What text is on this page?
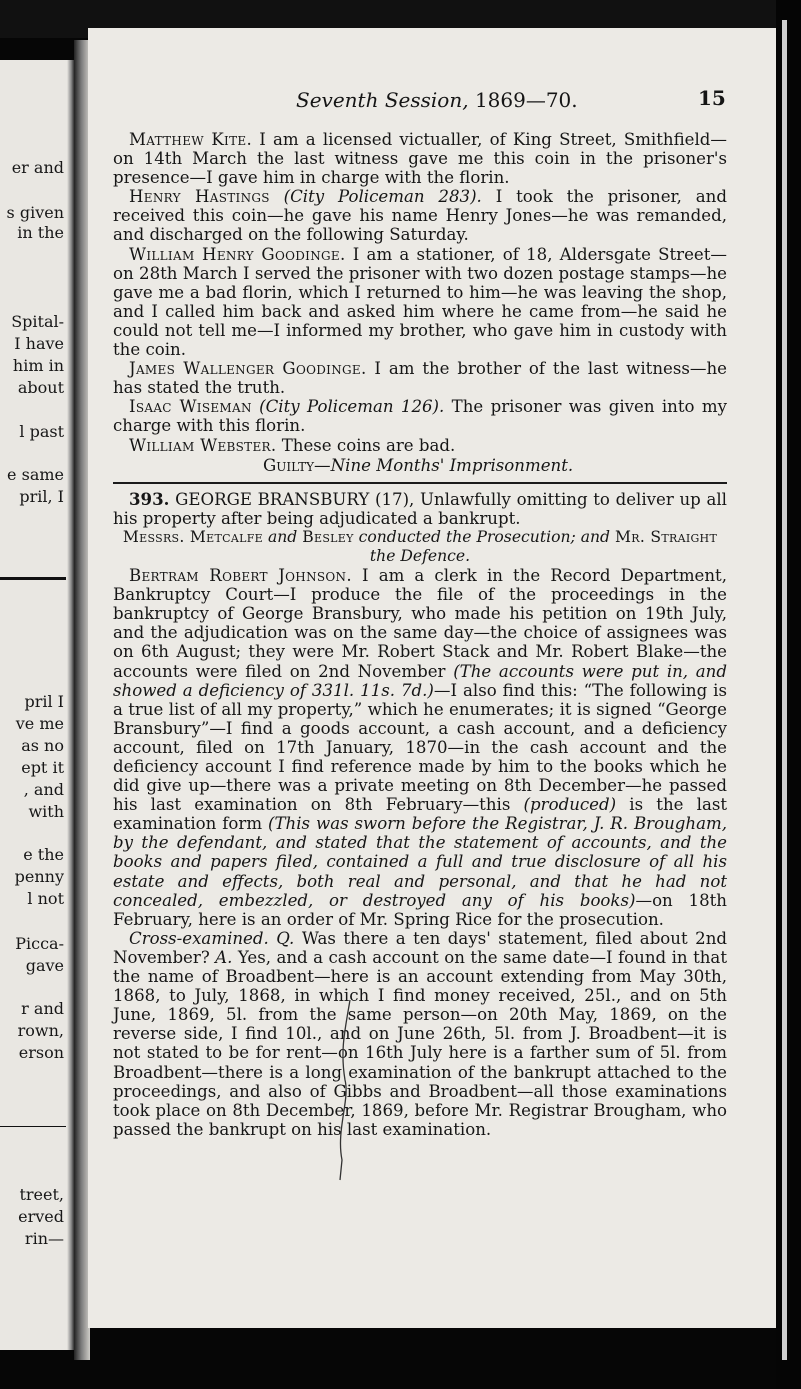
er and
s given
in the
Spital-
I have
him in
about
l past
e same
pril, I
pril I
ve me
as no
ept it
, and
with
e the
penny
l not
Picca-
gave
r and
rown,
erson
treet,
erved
rin—
Seventh Session, 1869—70.	15

Matthew Kite. I am a licensed victualler, of King Street, Smithfield—on 14th March the last witness gave me this coin in the prisoner's presence—I gave him in charge with the florin.

Henry Hastings (City Policeman 283). I took the prisoner, and received this coin—he gave his name Henry Jones—he was remanded, and discharged on the following Saturday.

William Henry Goodinge. I am a stationer, of 18, Aldersgate Street—on 28th March I served the prisoner with two dozen postage stamps—he gave me a bad florin, which I returned to him—he was leaving the shop, and I called him back and asked him where he came from—he said he could not tell me—I informed my brother, who gave him in custody with the coin.

James Wallenger Goodinge. I am the brother of the last witness—he has stated the truth.

Isaac Wiseman (City Policeman 126). The prisoner was given into my charge with this florin.

William Webster. These coins are bad.

Guilty—Nine Months' Imprisonment.

393. GEORGE BRANSBURY (17), Unlawfully omitting to deliver up all his property after being adjudicated a bankrupt.

Messrs. Metcalfe and Besley conducted the Prosecution; and Mr. Straight the Defence.

Bertram Robert Johnson. I am a clerk in the Record Department, Bankruptcy Court—I produce the file of the proceedings in the bankruptcy of George Bransbury, who made his petition on 19th July, and the adjudication was on the same day—the choice of assignees was on 6th August; they were Mr. Robert Stack and Mr. Robert Blake—the accounts were filed on 2nd November (The accounts were put in, and showed a deficiency of 331l. 11s. 7d.)—I also find this: “The following is a true list of all my property,” which he enumerates; it is signed “George Bransbury”—I find a goods account, a cash account, and a deficiency account, filed on 17th January, 1870—in the cash account and the deficiency account I find reference made by him to the books which he did give up—there was a private meeting on 8th December—he passed his last examination on 8th February—this (produced) is the last examination form (This was sworn before the Registrar, J. R. Brougham, by the defendant, and stated that the statement of accounts, and the books and papers filed, contained a full and true disclosure of all his estate and effects, both real and personal, and that he had not concealed, embezzled, or destroyed any of his books)—on 18th February, here is an order of Mr. Spring Rice for the prosecution.

Cross-examined. Q. Was there a ten days' statement, filed about 2nd November? A. Yes, and a cash account on the same date—I found in that the name of Broadbent—here is an account extending from May 30th, 1868, to July, 1868, in which I find money received, 25l., and on 5th June, 1869, 5l. from the same person—on 20th May, 1869, on the reverse side, I find 10l., and on June 26th, 5l. from J. Broadbent—it is not stated to be for rent—on 16th July here is a farther sum of 5l. from Broadbent—there is a long examination of the bankrupt attached to the proceedings, and also of Gibbs and Broadbent—all those examinations took place on 8th December, 1869, before Mr. Registrar Brougham, who passed the bankrupt on his last examination.
